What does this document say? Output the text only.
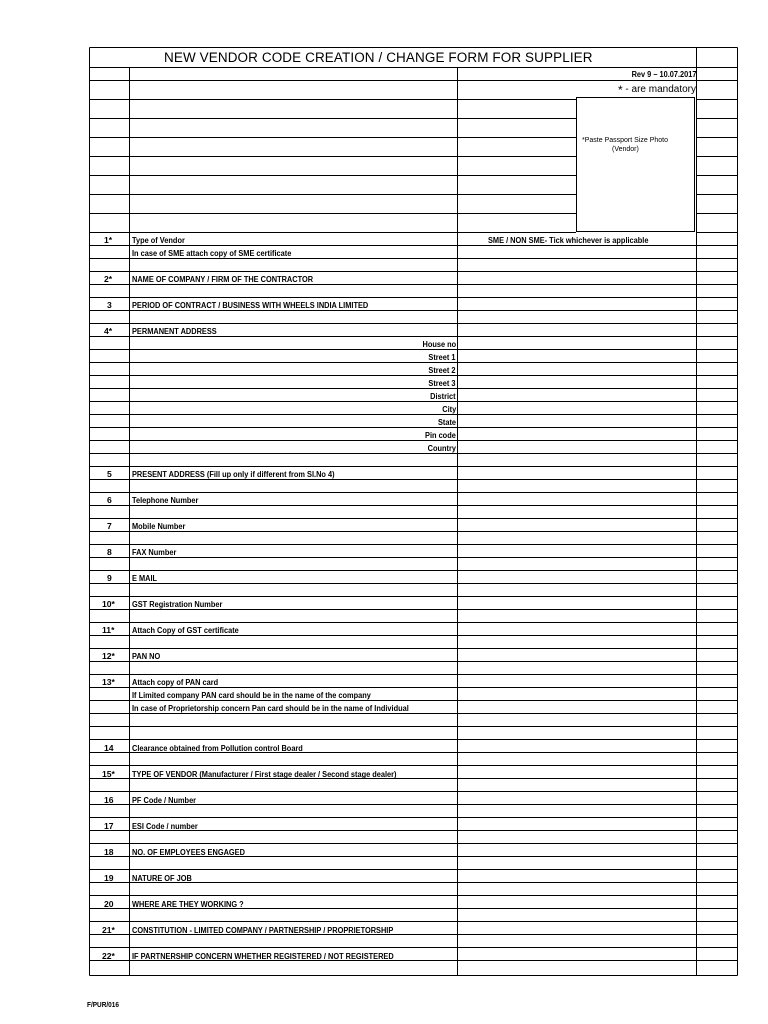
*Paste Passport Size Photo
(Vendor)
NEW VENDOR CODE CREATION / CHANGE FORM FOR SUPPLIER
Rev 9 – 10.07.2017
* - are mandatory
1* Type of Vendor	SME / NON SME- Tick whichever is applicable
In case of SME attach copy of SME certificate
2* NAME OF COMPANY / FIRM OF THE CONTRACTOR
3 PERIOD OF CONTRACT / BUSINESS WITH WHEELS INDIA LIMITED
4* PERMANENT ADDRESS
House no
Street 1
Street 2
Street 3
District
City
State
Pin code
Country
5 PRESENT ADDRESS (Fill up only if different from Sl.No 4)
6 Telephone Number
7 Mobile Number
8 FAX Number
9 E MAIL
10* GST Registration Number
11* Attach Copy of GST certificate
12* PAN NO
13* Attach copy of PAN card
If Limited company PAN card should be in the name of the company
In case of Proprietorship concern Pan card should be in the name of Individual
14 Clearance obtained from Pollution control Board
15* TYPE OF VENDOR (Manufacturer / First stage dealer / Second stage dealer)
16 PF Code / Number
17 ESI Code / number
18 NO. OF EMPLOYEES ENGAGED
19 NATURE OF JOB
20 WHERE ARE THEY WORKING ?
21* CONSTITUTION - LIMITED COMPANY / PARTNERSHIP / PROPRIETORSHIP
22* IF PARTNERSHIP CONCERN WHETHER REGISTERED / NOT REGISTERED
F/PUR/016
